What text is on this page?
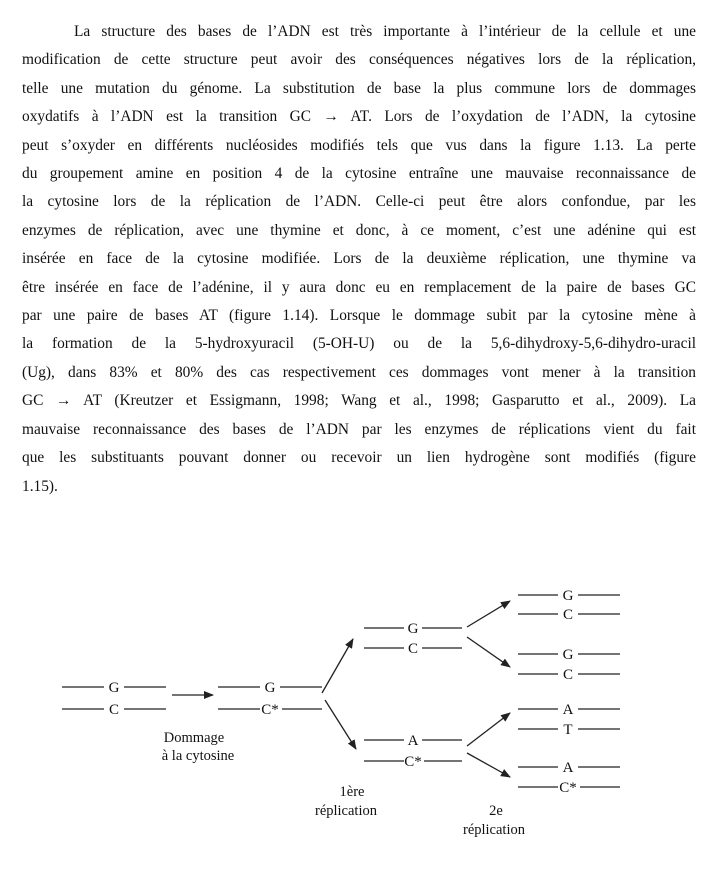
La structure des bases de l’ADN est très importante à l’intérieur de la cellule et une
modification de cette structure peut avoir des conséquences négatives lors de la réplication,
telle une mutation du génome. La substitution de base la plus commune lors de dommages
oxydatifs à l’ADN est la transition GC → AT. Lors de l’oxydation de l’ADN, la cytosine
peut s’oxyder en différents nucléosides modifiés tels que vus dans la figure 1.13. La perte
du groupement amine en position 4 de la cytosine entraîne une mauvaise reconnaissance de
la cytosine lors de la réplication de l’ADN. Celle-ci peut être alors confondue, par les
enzymes de réplication, avec une thymine et donc, à ce moment, c’est une adénine qui est
insérée en face de la cytosine modifiée. Lors de la deuxième réplication, une thymine va
être insérée en face de l’adénine, il y aura donc eu en remplacement de la paire de bases GC
par une paire de bases AT (figure 1.14). Lorsque le dommage subit par la cytosine mène à
la formation de la 5-hydroxyuracil (5-OH-U) ou de la 5,6-dihydroxy-5,6-dihydro-uracil
(Ug), dans 83% et 80% des cas respectivement ces dommages vont mener à la transition
GC → AT (Kreutzer et Essigmann, 1998; Wang et al., 1998; Gasparutto et al., 2009). La
mauvaise reconnaissance des bases de l’ADN par les enzymes de réplications vient du fait
que les substituants pouvant donner ou recevoir un lien hydrogène sont modifiés (figure
1.15).
G
C
G
C*
Dommage
à la cytosine
G
C
A
C*
1ère
réplication
G
C
G
C
A
T
A
C*
2e
réplication
